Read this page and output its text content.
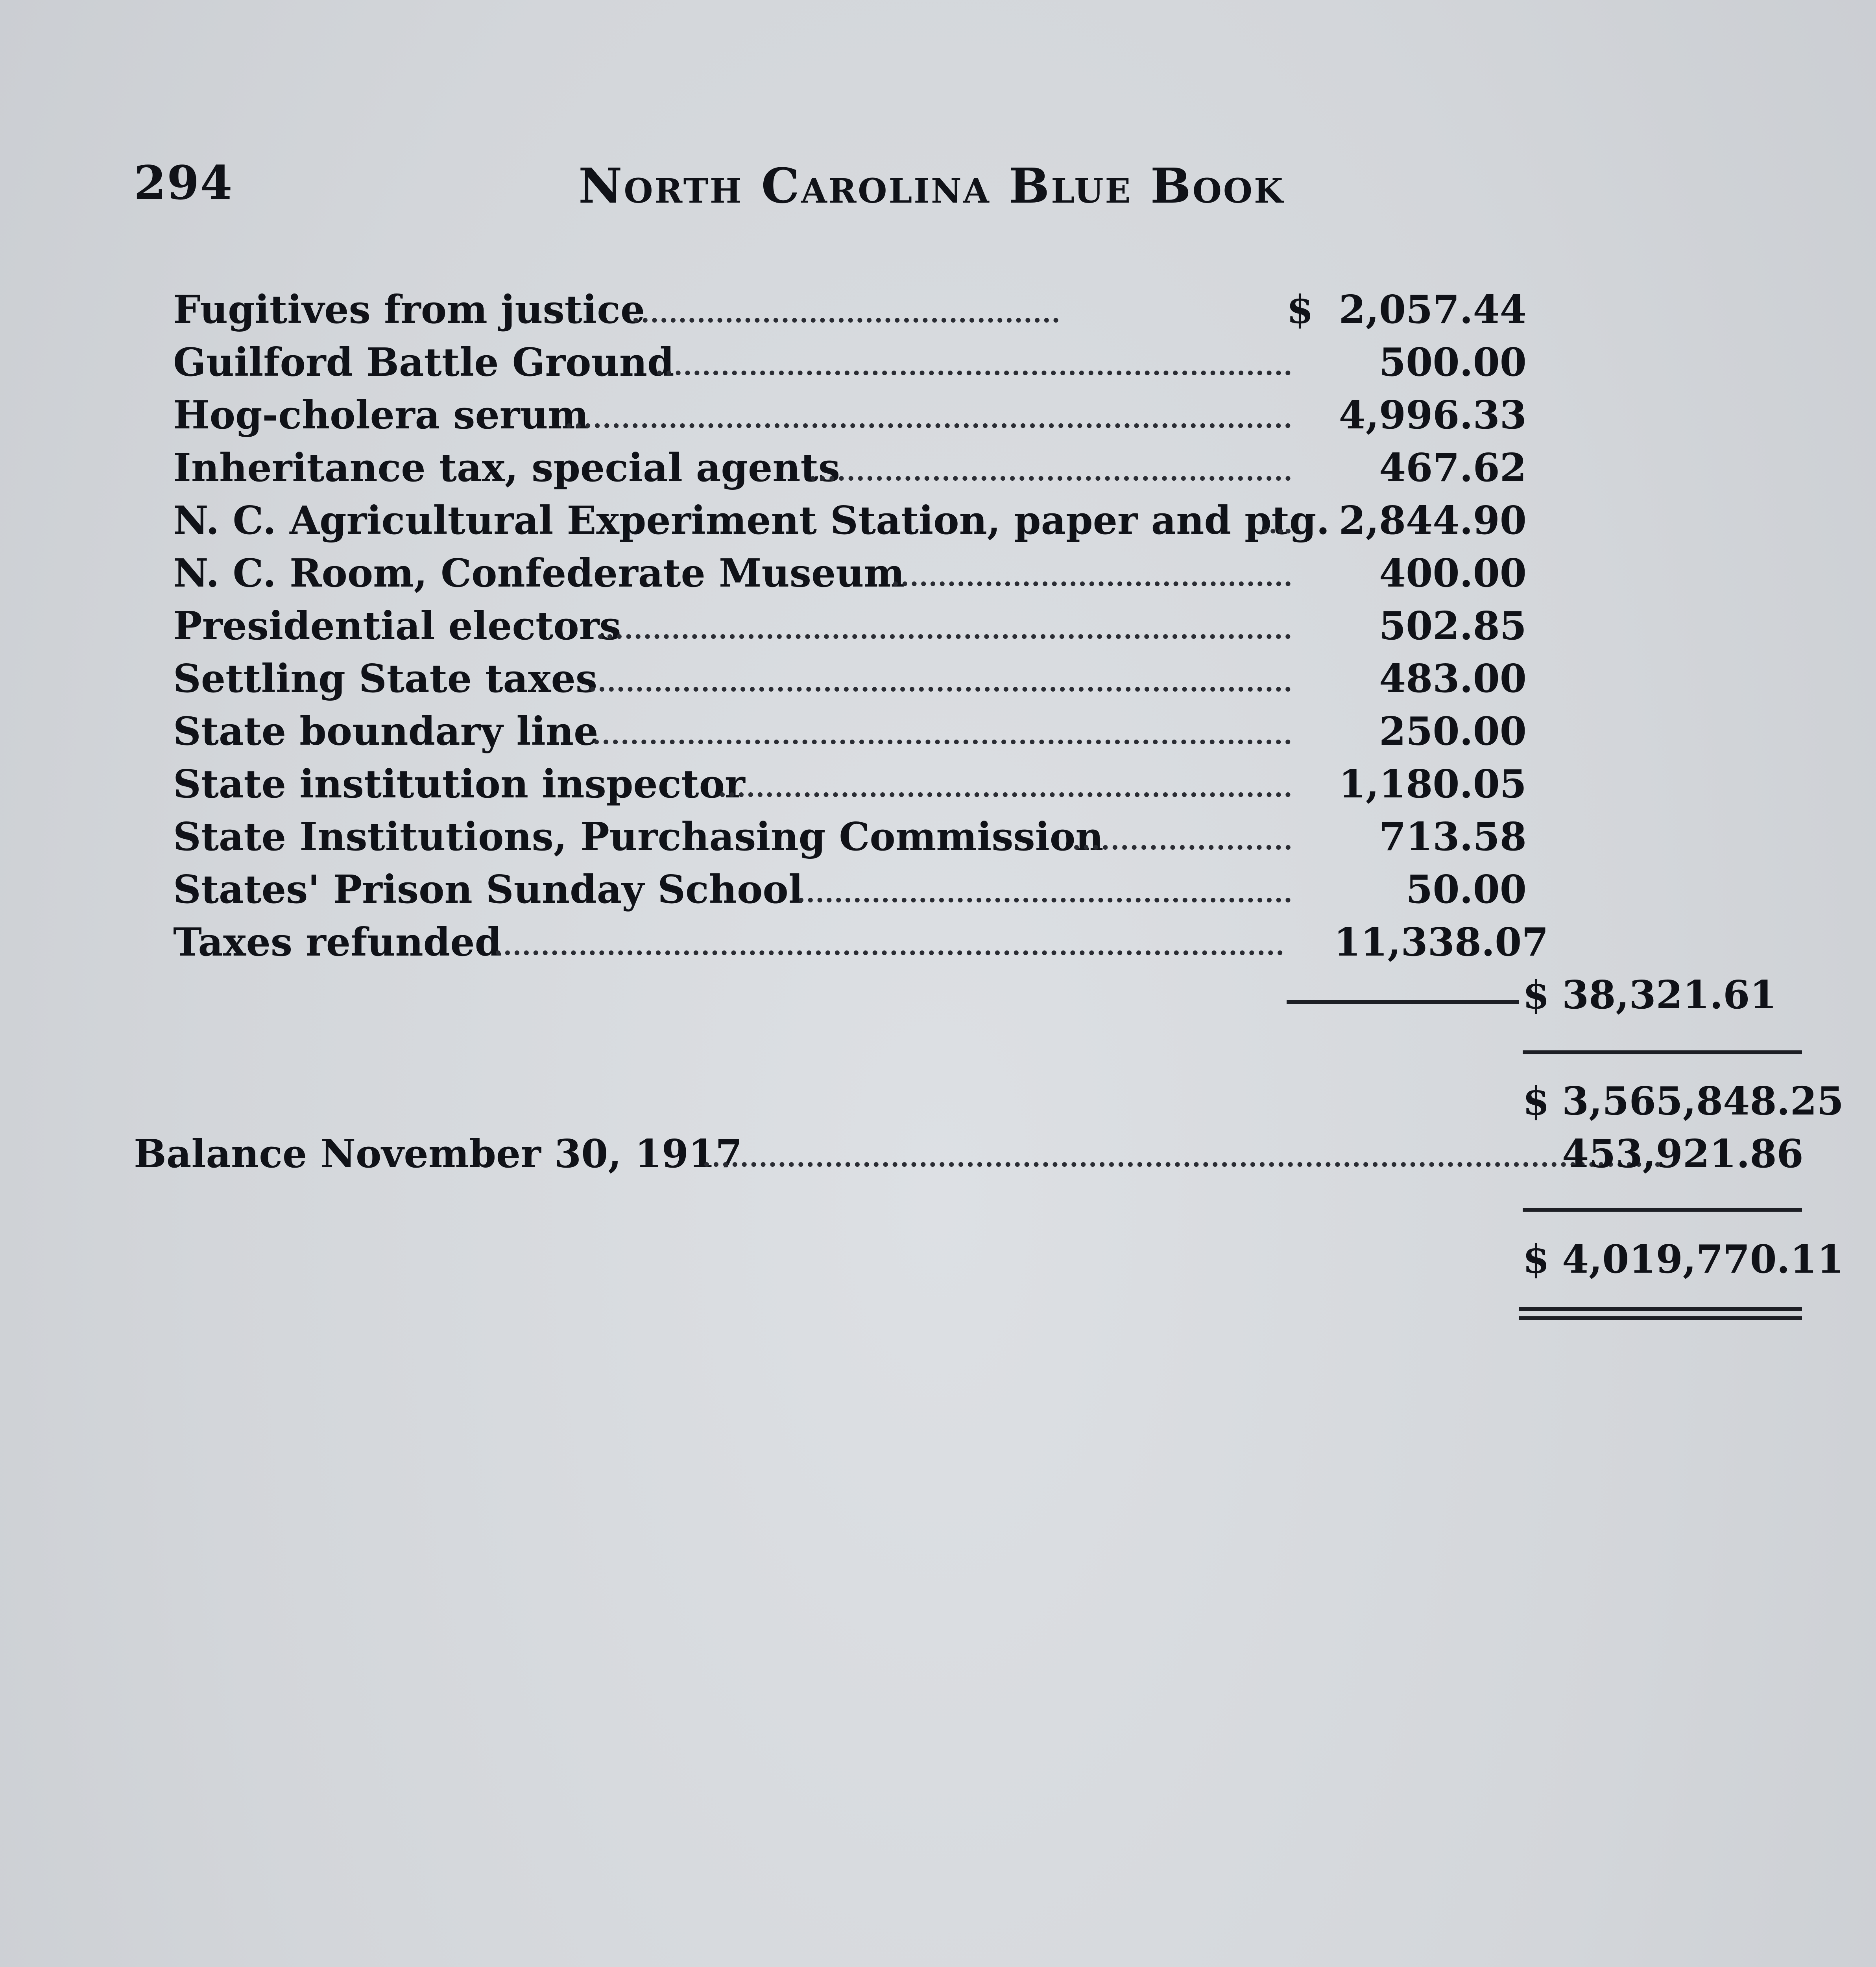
294	North Carolina Blue Book
Fugitives from justice	$ 2,057.44
Guilford Battle Ground	500.00
Hog-cholera serum	4,996.33
Inheritance tax, special agents	467.62
N. C. Agricultural Experiment Station, paper and ptg. 2,844.90
N. C. Room, Confederate Museum	400.00
Presidential electors	502.85
Settling State taxes	483.00
State boundary line	250.00
State institution inspector	1,180.05
State Institutions, Purchasing Commission	713.58
States' Prison Sunday School	50.00
Taxes refunded	11,338.07
$ 38,321.61
$ 3,565,848.25
Balance November 30, 1917	453,921.86
$ 4,019,770.11
